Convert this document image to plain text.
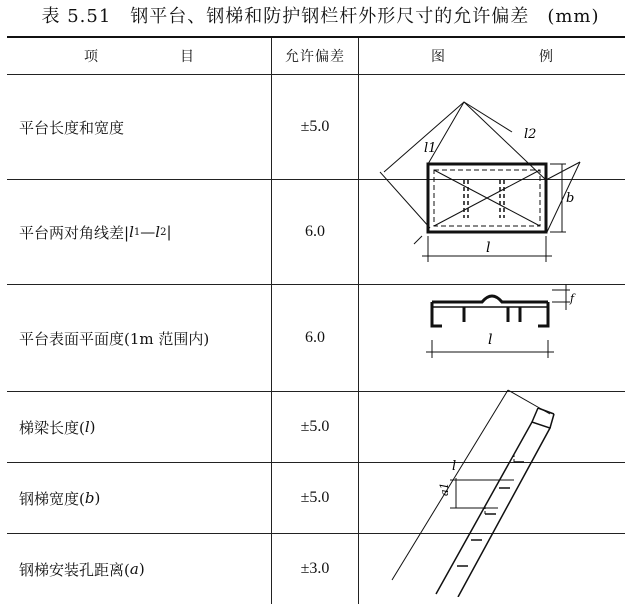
表 5.51　钢平台、钢梯和防护钢栏杆外形尺寸的允许偏差 (mm)
项　目	允许偏差	图　例
平台长度和宽度	±5.0
平台两对角线差| l 1 — l 2 |	6.0
平台表面平面度(1m 范围内)	6.0
梯梁长度( l )	±5.0
钢梯宽度( b )	±5.0
钢梯安装孔距离( a )	±3.0
l1
l2
b
l
f
l
l
a1
